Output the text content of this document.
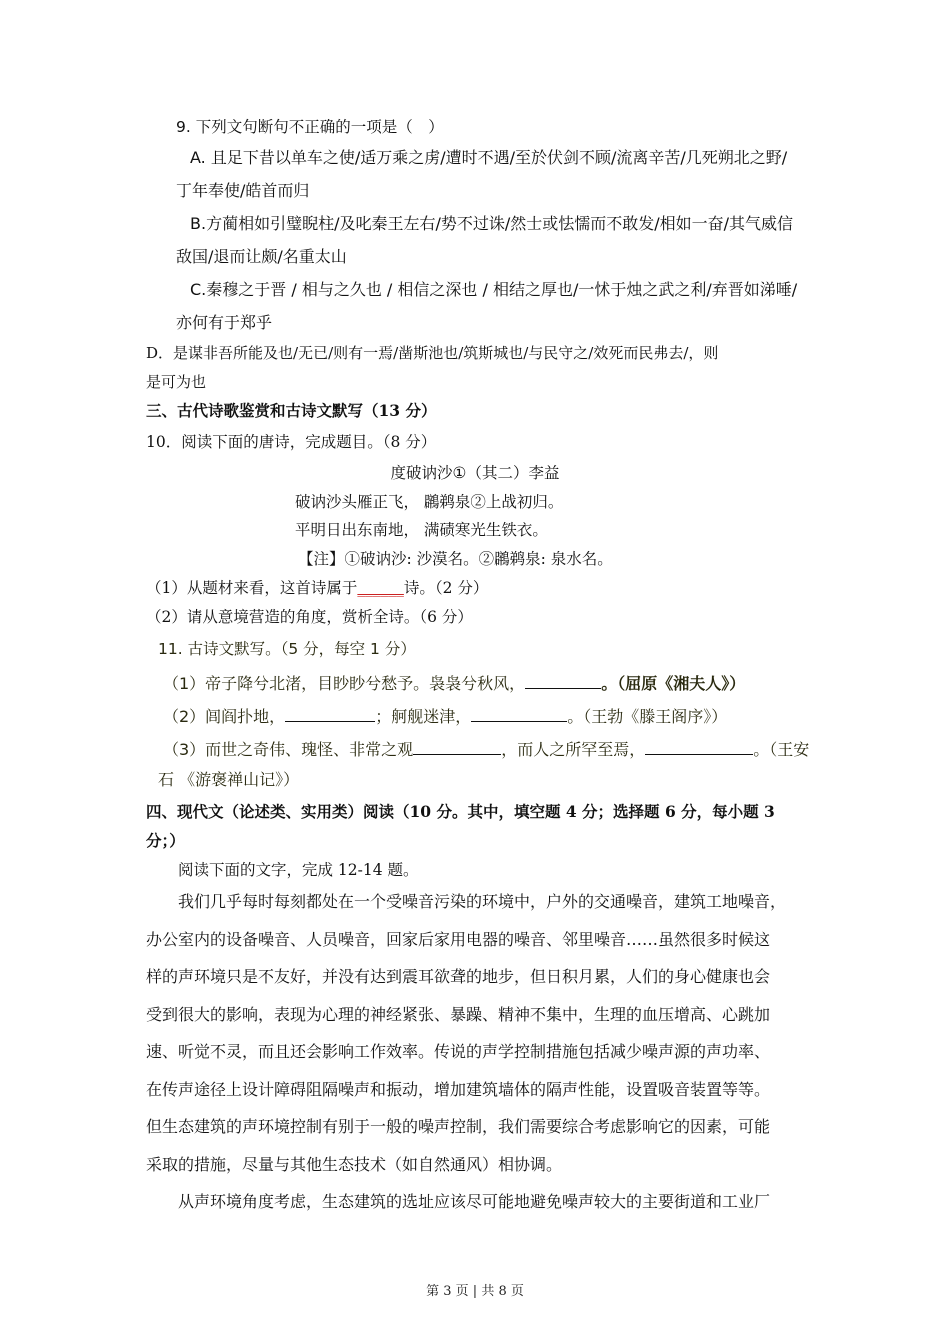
9. 下列文句断句不正确的一项是（　）
A. 且足下昔以单车之使/适万乘之虏/遭时不遇/至於伏剑不顾/流离辛苦/几死朔北之野/
丁年奉使/皓首而归
B.方蔺相如引璧睨柱/及叱秦王左右/势不过诛/然士或怯懦而不敢发/相如一奋/其气威信
敌国/退而让颇/名重太山
C.秦穆之于晋 / 相与之久也 / 相信之深也 / 相结之厚也/一怵于烛之武之利/弃晋如涕唾/
亦何有于郑乎
D．是谋非吾所能及也/无已/则有一焉/凿斯池也/筑斯城也/与民守之/效死而民弗去/，则
是可为也
三、古代诗歌鉴赏和古诗文默写（13 分）
10．阅读下面的唐诗，完成题目。（8 分）
度破讷沙①（其二）李益
破讷沙头雁正飞， 鸊鹈泉②上战初归。
平明日出东南地， 满碛寒光生铁衣。
【注】①破讷沙: 沙漠名。②鸊鹈泉: 泉水名。
（1）从题材来看，这首诗属于______诗。（2 分）
（2）请从意境营造的角度，赏析全诗。（6 分）
11. 古诗文默写。（5 分，每空 1 分）
（1）帝子降兮北渚，目眇眇兮愁予。袅袅兮秋风，	。（屈原《湘夫人》）
（2）闾阎扑地，	；舸舰迷津，	。（王勃《滕王阁序》）
（3）而世之奇伟、瑰怪、非常之观	，而人之所罕至焉，	。（王安
石 《游褒禅山记》）
四、现代文（论述类、实用类）阅读（10 分。其中，填空题 4 分；选择题 6 分，每小题 3
分；）
阅读下面的文字，完成 12-14 题。
我们几乎每时每刻都处在一个受噪音污染的环境中，户外的交通噪音，建筑工地噪音，
办公室内的设备噪音、人员噪音，回家后家用电器的噪音、邻里噪音……虽然很多时候这
样的声环境只是不友好，并没有达到震耳欲聋的地步，但日积月累，人们的身心健康也会
受到很大的影响，表现为心理的神经紧张、暴躁、精神不集中，生理的血压增高、心跳加
速、听觉不灵，而且还会影响工作效率。传说的声学控制措施包括减少噪声源的声功率、
在传声途径上设计障碍阻隔噪声和振动，增加建筑墙体的隔声性能，设置吸音装置等等。
但生态建筑的声环境控制有别于一般的噪声控制，我们需要综合考虑影响它的因素，可能
采取的措施，尽量与其他生态技术（如自然通风）相协调。
从声环境角度考虑，生态建筑的选址应该尽可能地避免噪声较大的主要街道和工业厂
第 3 页 | 共 8 页
